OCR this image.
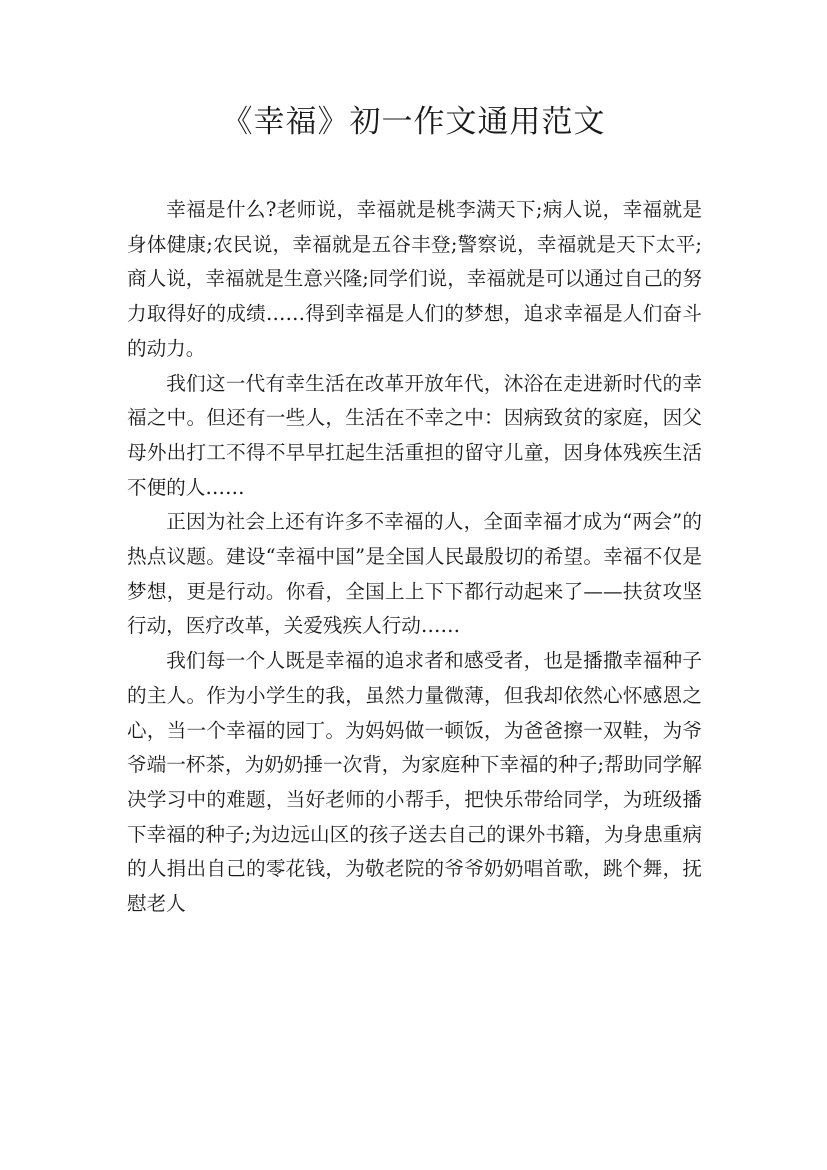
《幸福》初一作文通用范文

幸福是什么?老师说，幸福就是桃李满天下;病人说，幸福就是身体健康;农民说，幸福就是五谷丰登;警察说，幸福就是天下太平;商人说，幸福就是生意兴隆;同学们说，幸福就是可以通过自己的努力取得好的成绩……得到幸福是人们的梦想，追求幸福是人们奋斗的动力。

我们这一代有幸生活在改革开放年代，沐浴在走进新时代的幸福之中。但还有一些人，生活在不幸之中：因病致贫的家庭，因父母外出打工不得不早早扛起生活重担的留守儿童，因身体残疾生活不便的人……

正因为社会上还有许多不幸福的人，全面幸福才成为“两会”的热点议题。建设“幸福中国”是全国人民最殷切的希望。幸福不仅是梦想，更是行动。你看，全国上上下下都行动起来了——扶贫攻坚行动，医疗改革，关爱残疾人行动……

我们每一个人既是幸福的追求者和感受者，也是播撒幸福种子的主人。作为小学生的我，虽然力量微薄，但我却依然心怀感恩之心，当一个幸福的园丁。为妈妈做一顿饭，为爸爸擦一双鞋，为爷爷端一杯茶，为奶奶捶一次背，为家庭种下幸福的种子;帮助同学解决学习中的难题，当好老师的小帮手，把快乐带给同学，为班级播下幸福的种子;为边远山区的孩子送去自己的课外书籍，为身患重病的人捐出自己的零花钱，为敬老院的爷爷奶奶唱首歌，跳个舞，抚慰老人
